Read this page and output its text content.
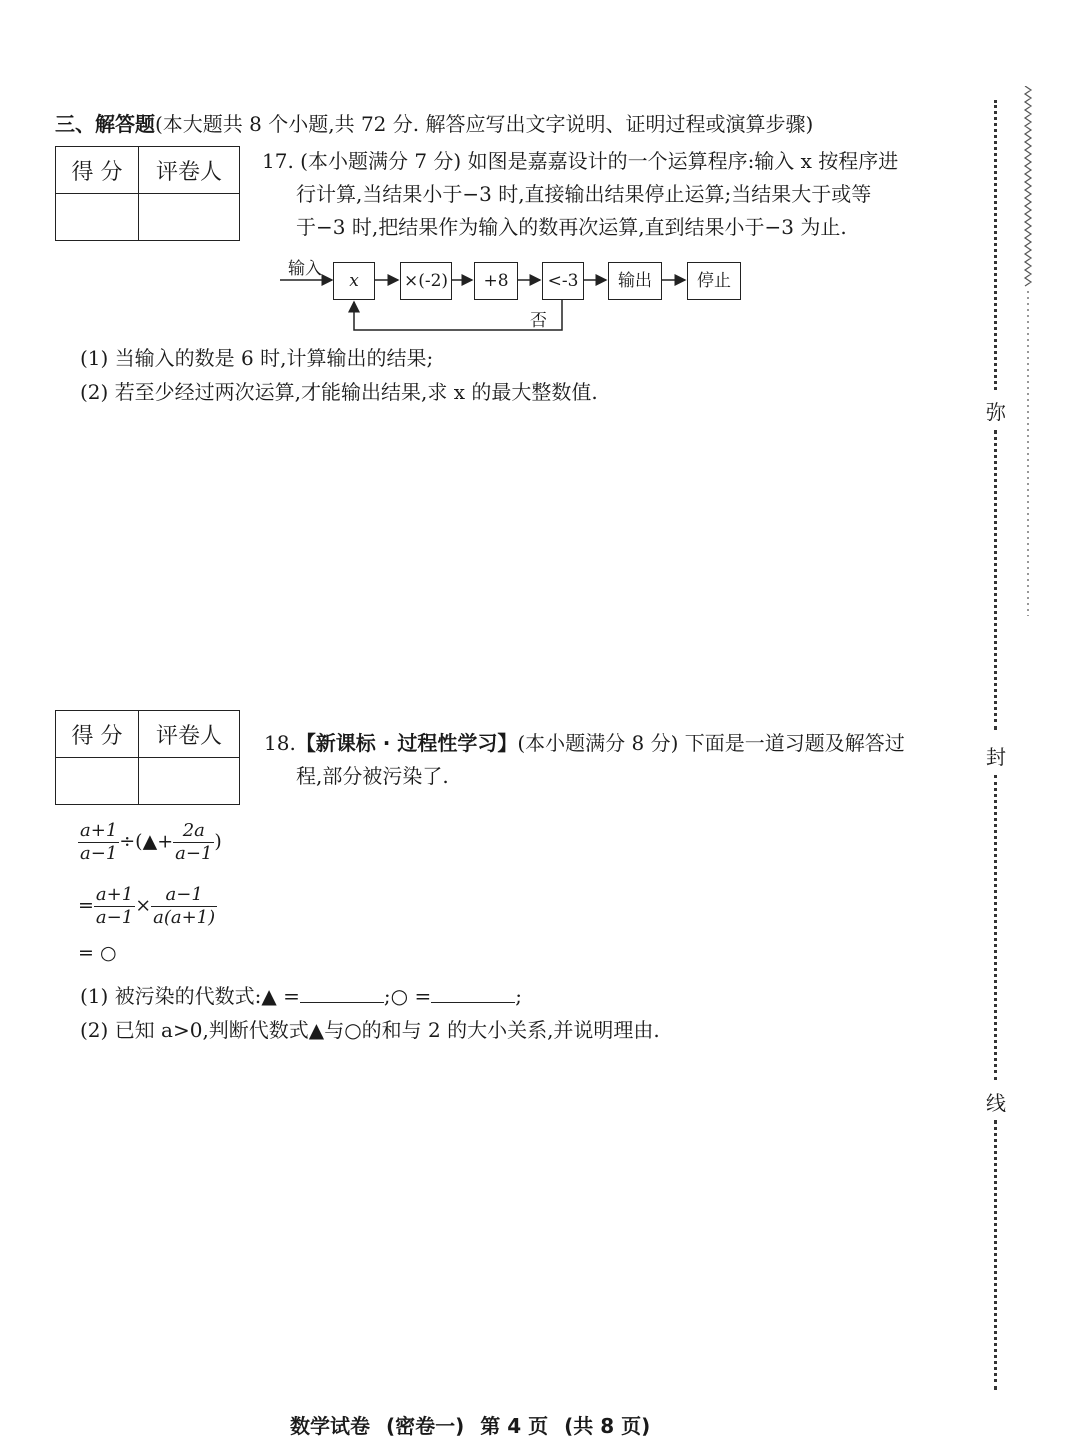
三、解答题(本大题共 8 个小题,共 72 分. 解答应写出文字说明、证明过程或演算步骤)
得 分	评卷人
	17. (本小题满分 7 分) 如图是嘉嘉设计的一个运算程序:输入 x 按程序进
行计算,当结果小于−3 时,直接输出结果停止运算;当结果大于或等
于−3 时,把结果作为输入的数再次运算,直到结果小于−3 为止.
输入
x	×(-2)	+8	<-3	输出	停止
否
(1) 当输入的数是 6 时,计算输出的结果;
(2) 若至少经过两次运算,才能输出结果,求 x 的最大整数值.
得 分	评卷人
	18.【新课标 · 过程性学习】(本小题满分 8 分) 下面是一道习题及解答过
程,部分被污染了.
$\frac{a+1}{a-1}$ ÷(▲+ $\frac{2a}{a-1}$ )
= $\frac{a+1}{a-1} \times \frac{a-1}{a(a+1)}$
= ○
(1) 被污染的代数式:▲ =	;○ =	;
(2) 已知 a>0,判断代数式▲与○的和与 2 的大小关系,并说明理由.
弥
封
线
数学试卷 (密卷一) 第 4 页 (共 8 页)
